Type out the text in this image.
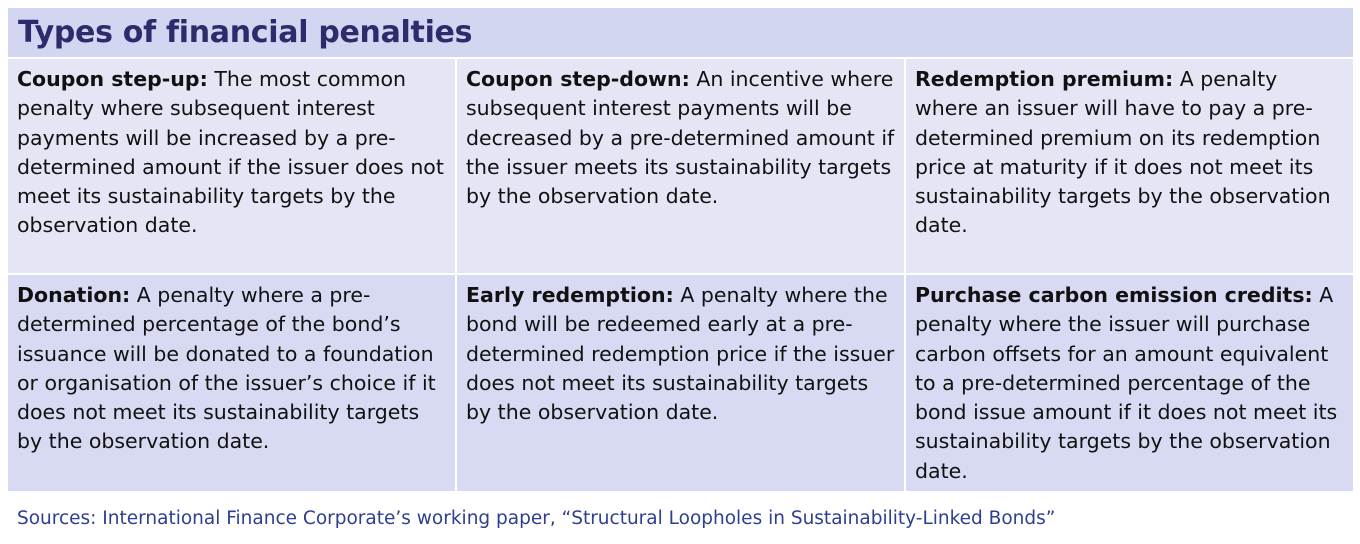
Types of financial penalties
Coupon step-up: The most common penalty where subsequent interest payments will be increased by a pre-determined amount if the issuer does not meet its sustainability targets by the observation date.
Coupon step-down: An incentive where subsequent interest payments will be decreased by a pre-determined amount if the issuer meets its sustainability targets by the observation date.
Redemption premium: A penalty where an issuer will have to pay a pre-determined premium on its redemption price at maturity if it does not meet its sustainability targets by the observation date.
Donation: A penalty where a pre-determined percentage of the bond’s issuance will be donated to a foundation or organisation of the issuer’s choice if it does not meet its sustainability targets by the observation date.
Early redemption: A penalty where the bond will be redeemed early at a pre-determined redemption price if the issuer does not meet its sustainability targets by the observation date.
Purchase carbon emission credits: A penalty where the issuer will purchase carbon offsets for an amount equivalent to a pre-determined percentage of the bond issue amount if it does not meet its sustainability targets by the observation date.
Sources: International Finance Corporate’s working paper, “Structural Loopholes in Sustainability-Linked Bonds”
